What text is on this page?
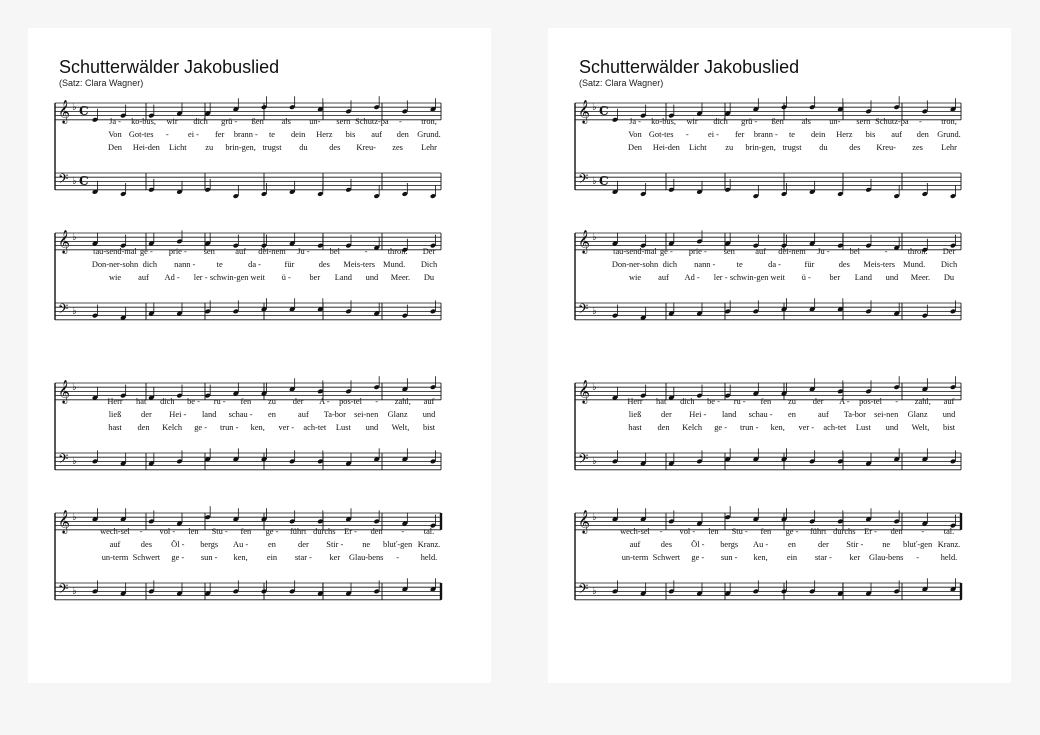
Schutterwälder Jakobuslied
(Satz: Clara Wagner)
𝄞
𝄢
♭
♭
C
C
Ja - ko-bus, wir dich grü - ßen als un- sern Schutz-pa - tron,
Von Got-tes - ei - fer brann - te dein Herz bis auf den Grund.
Den Hei-den Licht zu brin-gen, trugst du	des Kreu- zes Lehr
𝄞
𝄢
♭
♭
tau-send-mal ge - prie - sen auf dei-nem Ju - bel	- thron. Der
Don-ner-sohn dich nann -	te	da -	für	des Meis-ters Mund. Dich
wie auf Ad - ler - schwin-gen weit ü - ber Land und Meer. Du
𝄞
𝄢
♭
♭
Herr hat dich be - ru - fen zu der A - pos-tel - zahl, auf
ließ der Hei - land schau - en	auf Ta-bor sei-nen Glanz und
hast den Kelch ge - trun - ken, ver - ach-tet Lust und Welt, bist
𝄞
𝄢
♭
♭
wech-sel - vol - len Stu - fen ge - führt durchs Er - den - tal.
auf des Öl - bergs Au - en	der Stir - ne bluť-gen Kranz.
un-term Schwert ge - sun - ken, ein star - ker Glau-bens -	held.
Schutterwälder Jakobuslied
(Satz: Clara Wagner)
𝄞
𝄢
♭
♭
C
C
Ja - ko-bus, wir dich grü - ßen als un- sern Schutz-pa - tron,
Von Got-tes - ei - fer brann - te dein Herz bis auf den Grund.
Den Hei-den Licht zu brin-gen, trugst du	des Kreu- zes Lehr
𝄞
𝄢
♭
♭
tau-send-mal ge - prie - sen auf dei-nem Ju - bel	- thron. Der
Don-ner-sohn dich nann -	te	da -	für	des Meis-ters Mund. Dich
wie auf Ad - ler - schwin-gen weit ü - ber Land und Meer. Du
𝄞
𝄢
♭
♭
Herr hat dich be - ru - fen zu der A - pos-tel - zahl, auf
ließ der Hei - land schau - en	auf Ta-bor sei-nen Glanz und
hast den Kelch ge - trun - ken, ver - ach-tet Lust und Welt, bist
𝄞
𝄢
♭
♭
wech-sel - vol - len Stu - fen ge - führt durchs Er - den - tal.
auf des Öl - bergs Au - en	der Stir - ne bluť-gen Kranz.
un-term Schwert ge - sun - ken, ein star - ker Glau-bens -	held.
